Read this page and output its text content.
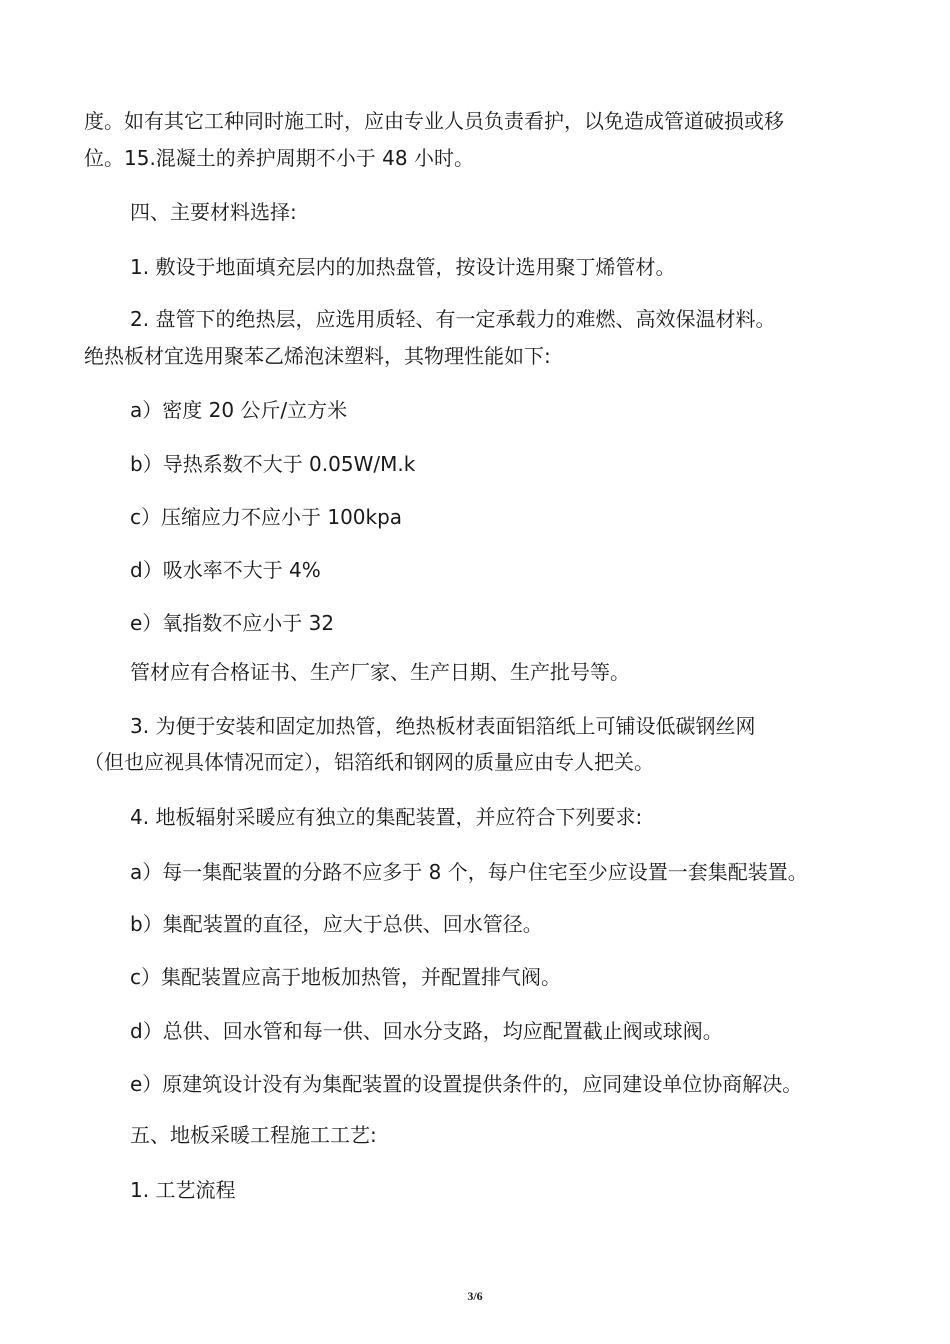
度。如有其它工种同时施工时，应由专业人员负责看护，以免造成管道破损或移

位。15.混凝土的养护周期不小于 48 小时。

四、主要材料选择:

1. 敷设于地面填充层内的加热盘管，按设计选用聚丁烯管材。

2. 盘管下的绝热层，应选用质轻、有一定承载力的难燃、高效保温材料。

绝热板材宜选用聚苯乙烯泡沫塑料，其物理性能如下:

a）密度 20 公斤/立方米

b）导热系数不大于 0.05W/M.k

c）压缩应力不应小于 100kpa

d）吸水率不大于 4%

e）氧指数不应小于 32

管材应有合格证书、生产厂家、生产日期、生产批号等。

3. 为便于安装和固定加热管，绝热板材表面铝箔纸上可铺设低碳钢丝网

（但也应视具体情况而定），铝箔纸和钢网的质量应由专人把关。

4. 地板辐射采暖应有独立的集配装置，并应符合下列要求:

a）每一集配装置的分路不应多于 8 个，每户住宅至少应设置一套集配装置。

b）集配装置的直径，应大于总供、回水管径。

c）集配装置应高于地板加热管，并配置排气阀。

d）总供、回水管和每一供、回水分支路，均应配置截止阀或球阀。

e）原建筑设计没有为集配装置的设置提供条件的，应同建设单位协商解决。

五、地板采暖工程施工工艺:

1. 工艺流程

3/6
